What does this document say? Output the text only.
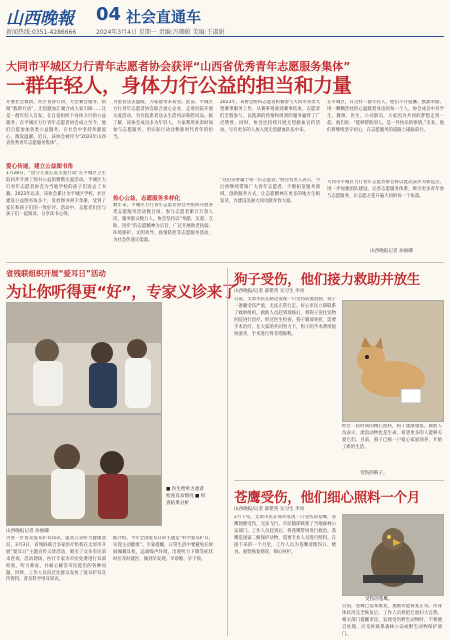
山西晚報 04 社会直通车
新闻热线:0351-4286666	2024年3月4日 星期一 责编:冯卿蔚 美编:王淑娟
大同市平城区力行青年志愿者协会获评“山西省优秀青年志愿服务集体”
一群年轻人，身体力行公益的担当和力量
开展社会救助、社区青春行动、大型赛会服务、新闻“救助行动”、无偿献血汇聚合成大家引路……这是一群年轻人自发，在自发组织下身体力行的公益服务；在平城区力行青年志愿者协会成立至今，他们自愿参加各类公益服务，在社会中坚持奉献爱心，散发温暖。近日，该协会被评为“2023年山西省优秀青年志愿服务集体”。
爱心传递，建立公益图书角
1月28日，“留守儿童心灵关爱行动”在平城区卫生院同步开展了图书公益捐赠暨关爱活动。平城区力行青年志愿者协会为当地学校的孩子们送去了书籍。2023年以来，该协会累计为平城区学校、社区建设公益图书角多个，发放图书两千余册，受到了家长和孩子们的一致好评。活动中，志愿者们还与孩子们一起阅读，分享读书心得。
为患者送去温暖，为家庭带来希望。此前，平城区力行青年志愿者协会联合爱心企业，走进医院开展关爱活动，为住院患者送去生活用品和慰问品。据了解，该协会成员多为年轻人，大家利用业余时间参与志愿服务，用实际行动诠释新时代青年的担当。
热心公益，志愿服务多样化
数年来，平城区力行青年志愿者协会共组织开展各类志愿服务活动数百场，参与志愿者累计万余人次，服务群众数万人。协会坚持以“奉献、友爱、互助、进步”的志愿精神为宗旨，广泛开展助老扶弱、环境保护、文明劝导、疫情防控等志愿服务活动，为社会传递正能量。
2023年，该协会组织志愿者积极参与大同市各类大型赛事服务工作，从赛事筹备到赛事结束，志愿者们全程参与，以饱满的热情和周到的服务赢得了广泛赞誉。同时，协会还持续开展无偿献血宣传活动，号召更多的人加入到无偿献血队伍中来。
“这份荣誉属于每一位志愿者。”协会负责人表示，今后将继续带领广大青年志愿者，不断拓宽服务领域，创新服务方式，让志愿精神在更多的地方生根发芽，为建设美丽大同贡献青春力量。
在平城区，有这样一群年轻人，他们不计报酬、默默奉献，用一颗颗热忱的心温暖着身边的每一个人。协会成员中有学生、教师、医生、公司职员，大家因为共同的梦想走到一起。他们说：“能够帮助别人，是一件快乐的事情。”未来，他们将继续坚守初心，在志愿服务的道路上砥砺前行。
大同市平城区力行青年志愿者协会将以此次获评为新起点，进一步加强团队建设，完善志愿服务体系，吸引更多青年参与志愿服务，让志愿之花开遍大同的每一个角落。
山西晚报记者 孙俊卿
省残联组织开展“爱耳日”活动
为让你听得更“好”，专家义诊来了
■ 医生给听力患者检查耳朵情况 ■ 检查结果分析
山西晚报记者 孙俊卿
为进一步普及爱耳护耳知识，提高公众听力健康意识，3月3日，省残联联合多家医疗机构在太原市开展“爱耳日”主题宣传义诊活动，吸引了众多市民前来咨询。活动现场，医疗专家为市民免费进行耳部检查、听力筛查，并耐心解答市民提出的各种问题。同时，工作人员向过往群众发放了爱耳护耳宣传资料，普及科学用耳知识。
据介绍，今年全国爱耳日的主题是“科学爱耳护耳，实现主动健康”。专家提醒，日常生活中要避免长时间佩戴耳机，远离噪声环境，出现听力下降等症状时应及时就医，做到早发现、早诊断、早干预。
狗子受伤，他们接力救助并放生
山西晚报/记者 薛建英 实习生 李涛
日前，太原市民在路边发现一只受伤的流浪狗，狗子一条腿受伤严重，无法正常行走。好心市民立即联系了救助组织。救助人员赶到现场后，将狗子送往宠物医院进行治疗。经过医生检查，狗子腿部骨折，需要手术治疗。在大家的共同努力下，狗子的手术费用很快凑齐，手术进行得非常顺利。
经过一段时间的精心照料，狗子逐渐康复。救助人员表示，流浪动物也是生命，希望更多的人能够关爱它们。目前，狗子已被一户爱心家庭领养，开始了新的生活。
受伤的狗子。
苍鹰受伤，他们细心照料一个月
山西晚报/记者 薛建英 实习生 李涛
2月下旬，太原市民在郊外发现一只受伤的苍鹰，苍鹰翅膀受伤，无法飞行。市民随即联系了当地森林公安部门。工作人员赶到后，将苍鹰带回进行救治。苍鹰是国家二级保护动物，需要专业人员进行照料。在接下来的一个月里，工作人员为苍鹰清理伤口、喂食、观察恢复情况，细心呵护。
受伤的苍鹰。
目前，苍鹰已基本康复，翅膀功能恢复正常。待身体状况完全恢复后，工作人员将把它放归大自然。相关部门提醒市民，发现受伤野生动物时，不要擅自处理，应及时联系森林公安或野生动物保护部门。
